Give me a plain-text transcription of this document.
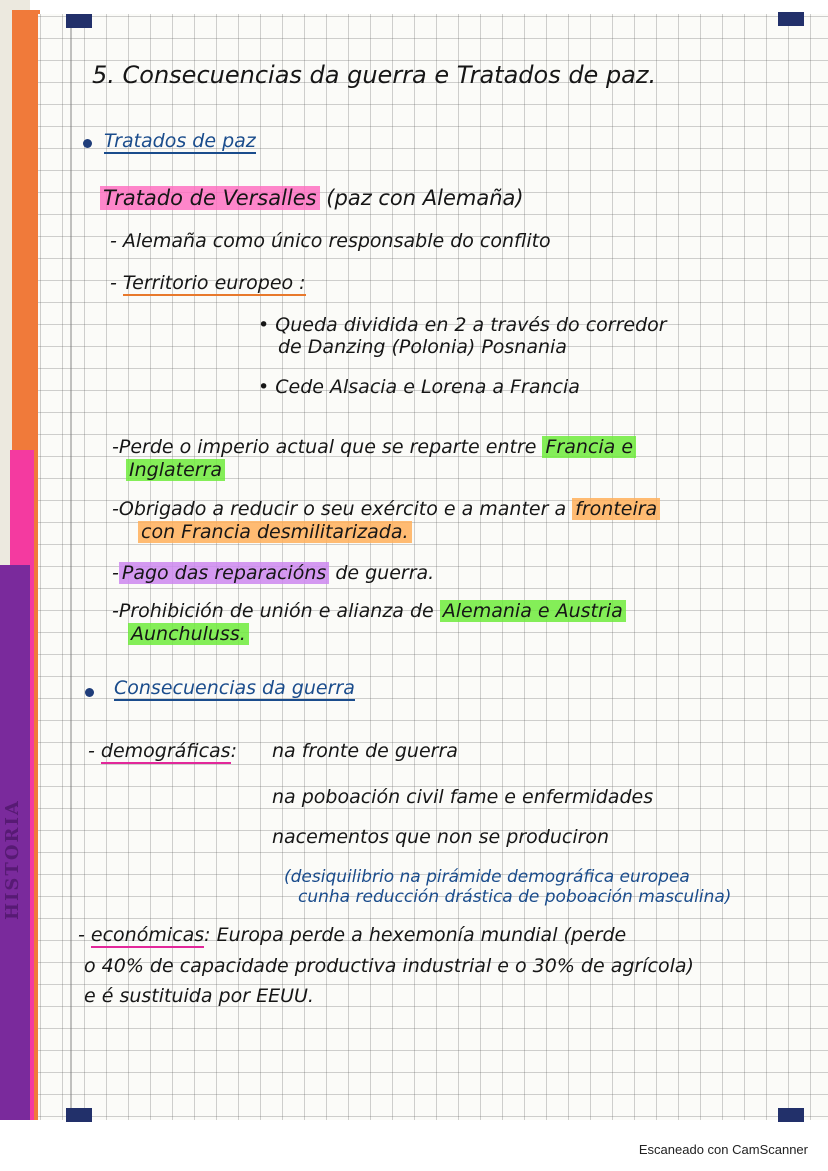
HISTORIA
5. Consecuencias da guerra e Tratados de paz.
Tratados de paz
Tratado de Versalles (paz con Alemaña)
- Alemaña como único responsable do conflito
- Territorio europeo :
• Queda dividida en 2 a través do corredor
de Danzing (Polonia) Posnania
• Cede Alsacia e Lorena a Francia
-Perde o imperio actual que se reparte entre Francia e
Inglaterra
-Obrigado a reducir o seu exército e a manter a fronteira
con Francia desmilitarizada.
- Pago das reparacións de guerra.
-Prohibición de unión e alianza de Alemania e Austria
Aunchuluss.
Consecuencias da guerra
- demográficas: na fronte de guerra
na poboación civil fame e enfermidades
nacementos que non se produciron
(desiquilibrio na pirámide demográfica europea
cunha reducción drástica de poboación masculina)
- económicas: Europa perde a hexemonía mundial (perde
o 40% de capacidade productiva industrial e o 30% de agrícola)
e é sustituida por EEUU.
Escaneado con CamScanner
